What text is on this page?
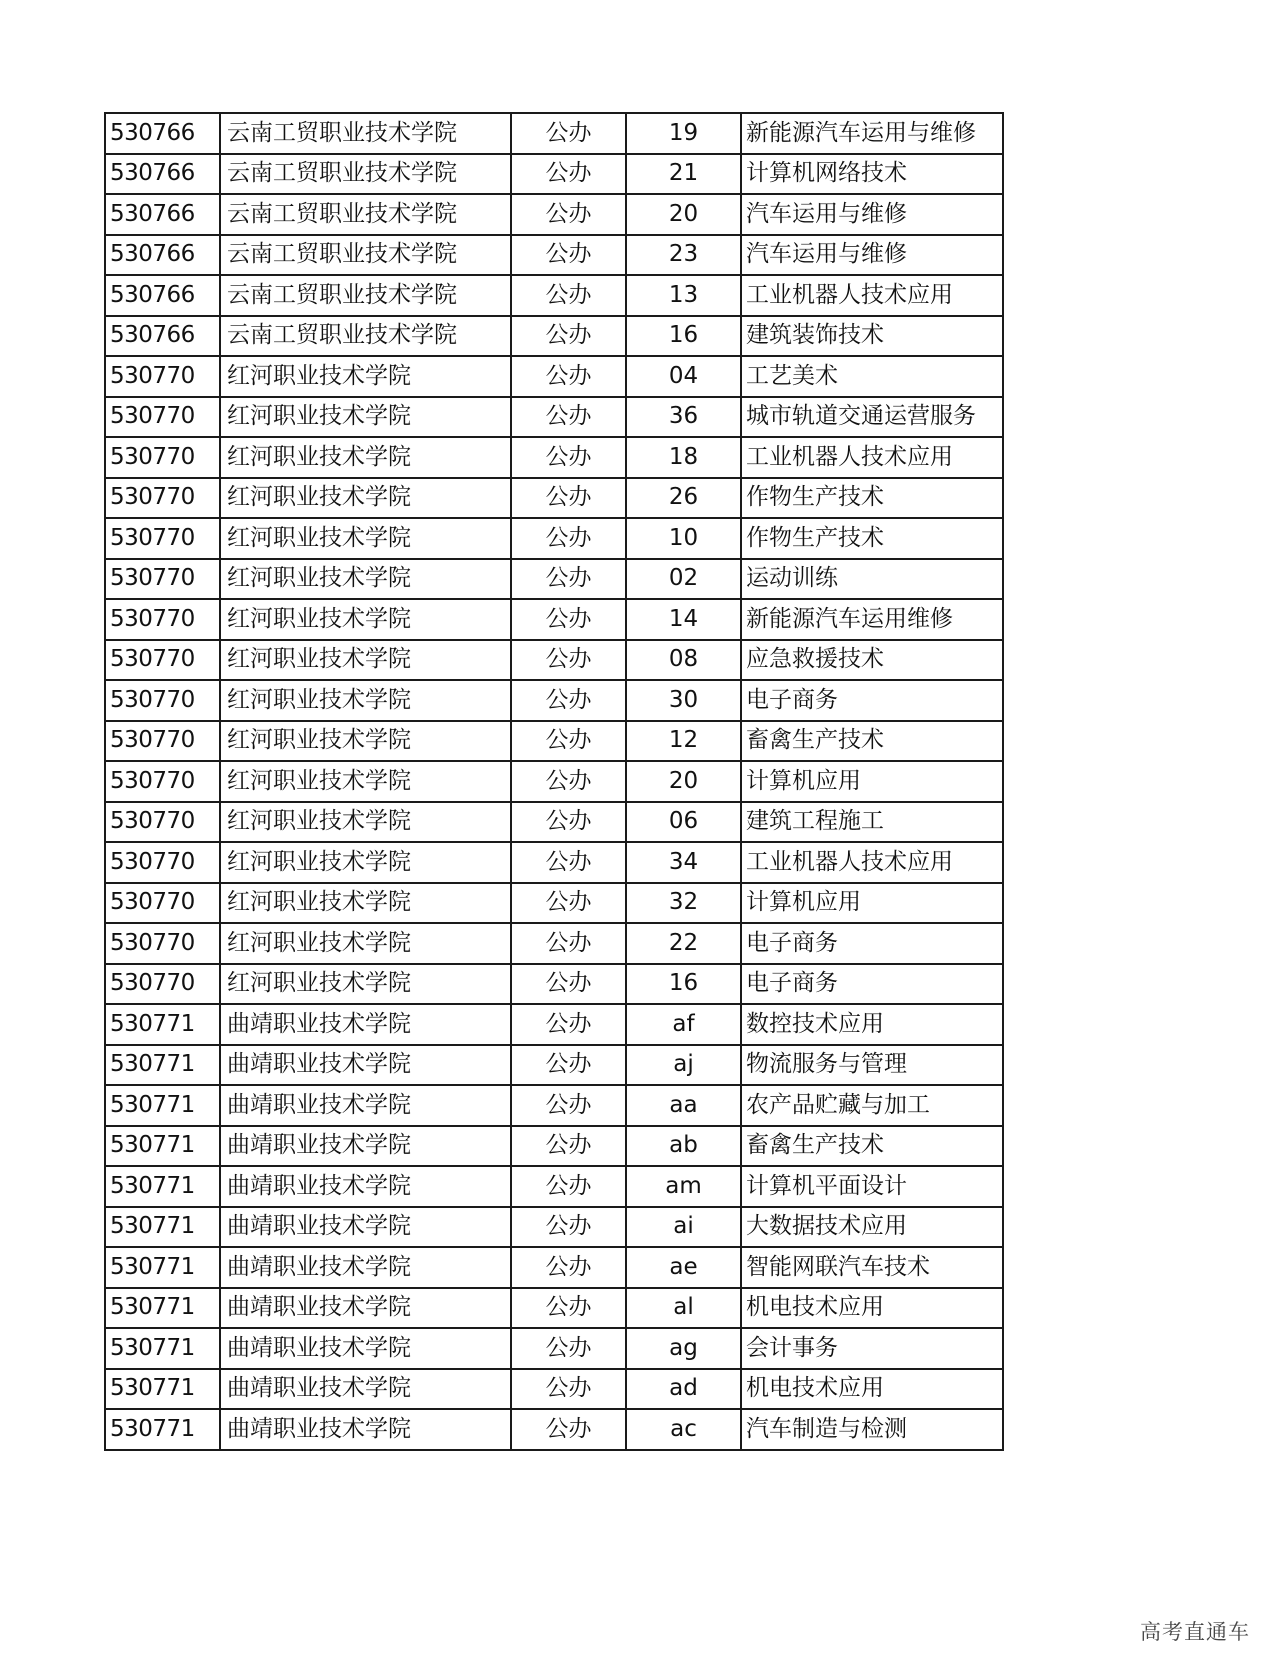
530766	云南工贸职业技术学院	公办	19	新能源汽车运用与维修
530766	云南工贸职业技术学院	公办	21	计算机网络技术
530766	云南工贸职业技术学院	公办	20	汽车运用与维修
530766	云南工贸职业技术学院	公办	23	汽车运用与维修
530766	云南工贸职业技术学院	公办	13	工业机器人技术应用
530766	云南工贸职业技术学院	公办	16	建筑装饰技术
530770	红河职业技术学院	公办	04	工艺美术
530770	红河职业技术学院	公办	36	城市轨道交通运营服务
530770	红河职业技术学院	公办	18	工业机器人技术应用
530770	红河职业技术学院	公办	26	作物生产技术
530770	红河职业技术学院	公办	10	作物生产技术
530770	红河职业技术学院	公办	02	运动训练
530770	红河职业技术学院	公办	14	新能源汽车运用维修
530770	红河职业技术学院	公办	08	应急救援技术
530770	红河职业技术学院	公办	30	电子商务
530770	红河职业技术学院	公办	12	畜禽生产技术
530770	红河职业技术学院	公办	20	计算机应用
530770	红河职业技术学院	公办	06	建筑工程施工
530770	红河职业技术学院	公办	34	工业机器人技术应用
530770	红河职业技术学院	公办	32	计算机应用
530770	红河职业技术学院	公办	22	电子商务
530770	红河职业技术学院	公办	16	电子商务
530771	曲靖职业技术学院	公办	af	数控技术应用
530771	曲靖职业技术学院	公办	aj	物流服务与管理
530771	曲靖职业技术学院	公办	aa	农产品贮藏与加工
530771	曲靖职业技术学院	公办	ab	畜禽生产技术
530771	曲靖职业技术学院	公办	am	计算机平面设计
530771	曲靖职业技术学院	公办	ai	大数据技术应用
530771	曲靖职业技术学院	公办	ae	智能网联汽车技术
530771	曲靖职业技术学院	公办	al	机电技术应用
530771	曲靖职业技术学院	公办	ag	会计事务
530771	曲靖职业技术学院	公办	ad	机电技术应用
530771	曲靖职业技术学院	公办	ac	汽车制造与检测
高考直通车
